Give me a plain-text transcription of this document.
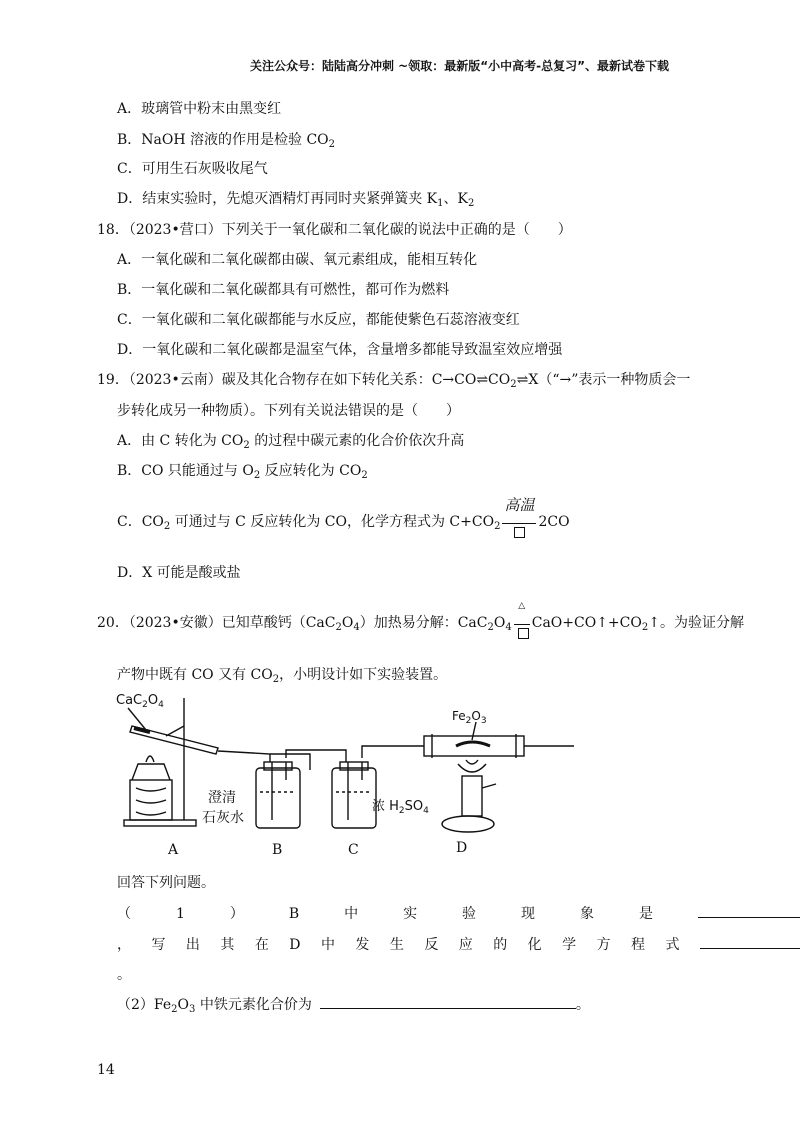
关注公众号：陆陆高分冲刺 ~领取：最新版“小中高考-总复习”、最新试卷下载
A．玻璃管中粉末由黑变红
B．NaOH 溶液的作用是检验 $CO_2$
C．可用生石灰吸收尾气
D．结束实验时，先熄灭酒精灯再同时夹紧弹簧夹 $K_1$、$K_2$
18．（2023•营口）下列关于一氧化碳和二氧化碳的说法中正确的是（　　）
A．一氧化碳和二氧化碳都由碳、氧元素组成，能相互转化
B．一氧化碳和二氧化碳都具有可燃性，都可作为燃料
C．一氧化碳和二氧化碳都能与水反应，都能使紫色石蕊溶液变红
D．一氧化碳和二氧化碳都是温室气体，含量增多都能导致温室效应增强
19．（2023•云南）碳及其化合物存在如下转化关系：$C\to CO\rightleftharpoons CO_2\rightleftharpoons X(“\to$”表示一种物质会一
步转化成另一种物质）。下列有关说法错误的是（　　）
A．由 C 转化为 $CO_2$ 的过程中碳元素的化合价依次升高
B．CO 只能通过与 $O_2$ 反应转化为 $CO_2$
C．$CO_2$ 可通过与 C 反应转化为 CO，化学方程式为 $C+CO_2$
高温
2CO
D．X 可能是酸或盐
20．（2023•安徽）已知草酸钙$(CaC_2O_4)$加热易分解：$CaC_2O_4$
△
$CaO+CO↑+CO_2↑$。为验证分解
产物中既有 CO 又有 $CO_2$，小明设计如下实验装置。
$CaC_2O_4$
$Fe_2O_3$
澄清
石灰水
浓 $H_2SO_4$
A	B	C	D
回答下列问题。
（	1	）	B	中	实	验	现	象	是
， 写 出 其 在 D 中 发 生 反 应 的 化 学 方 程 式
。
$(2)Fe_2O_3$ 中铁元素化合价为	。
14
